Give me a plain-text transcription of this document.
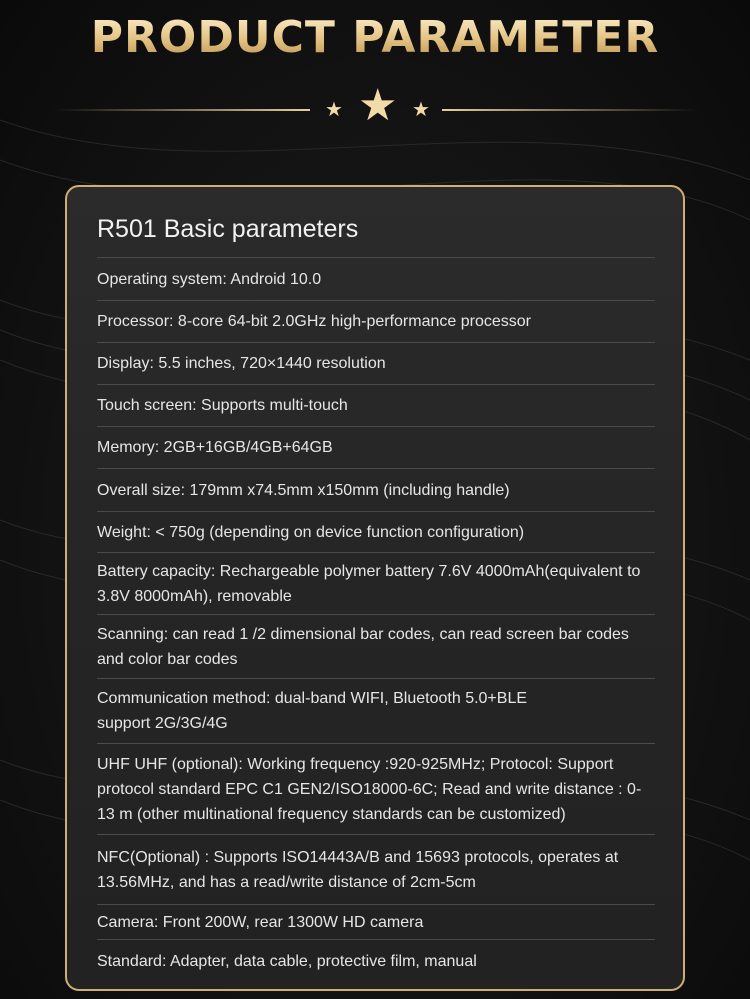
PRODUCT PARAMETER
★ ★ ★
R501 Basic parameters
Operating system: Android 10.0
Processor: 8-core 64-bit 2.0GHz high-performance processor
Display: 5.5 inches, 720×1440 resolution
Touch screen: Supports multi-touch
Memory: 2GB+16GB/4GB+64GB
Overall size: 179mm x74.5mm x150mm (including handle)
Weight: < 750g (depending on device function configuration)
Battery capacity: Rechargeable polymer battery 7.6V 4000mAh(equivalent to 3.8V 8000mAh), removable
Scanning: can read 1 /2 dimensional bar codes, can read screen bar codes and color bar codes
Communication method: dual-band WIFI, Bluetooth 5.0+BLE support 2G/3G/4G
UHF UHF (optional): Working frequency :920-925MHz; Protocol: Support protocol standard EPC C1 GEN2/ISO18000-6C; Read and write distance : 0-13 m (other multinational frequency standards can be customized)
NFC(Optional) : Supports ISO14443A/B and 15693 protocols, operates at 13.56MHz, and has a read/write distance of 2cm-5cm
Camera: Front 200W, rear 1300W HD camera
Standard: Adapter, data cable, protective film, manual
